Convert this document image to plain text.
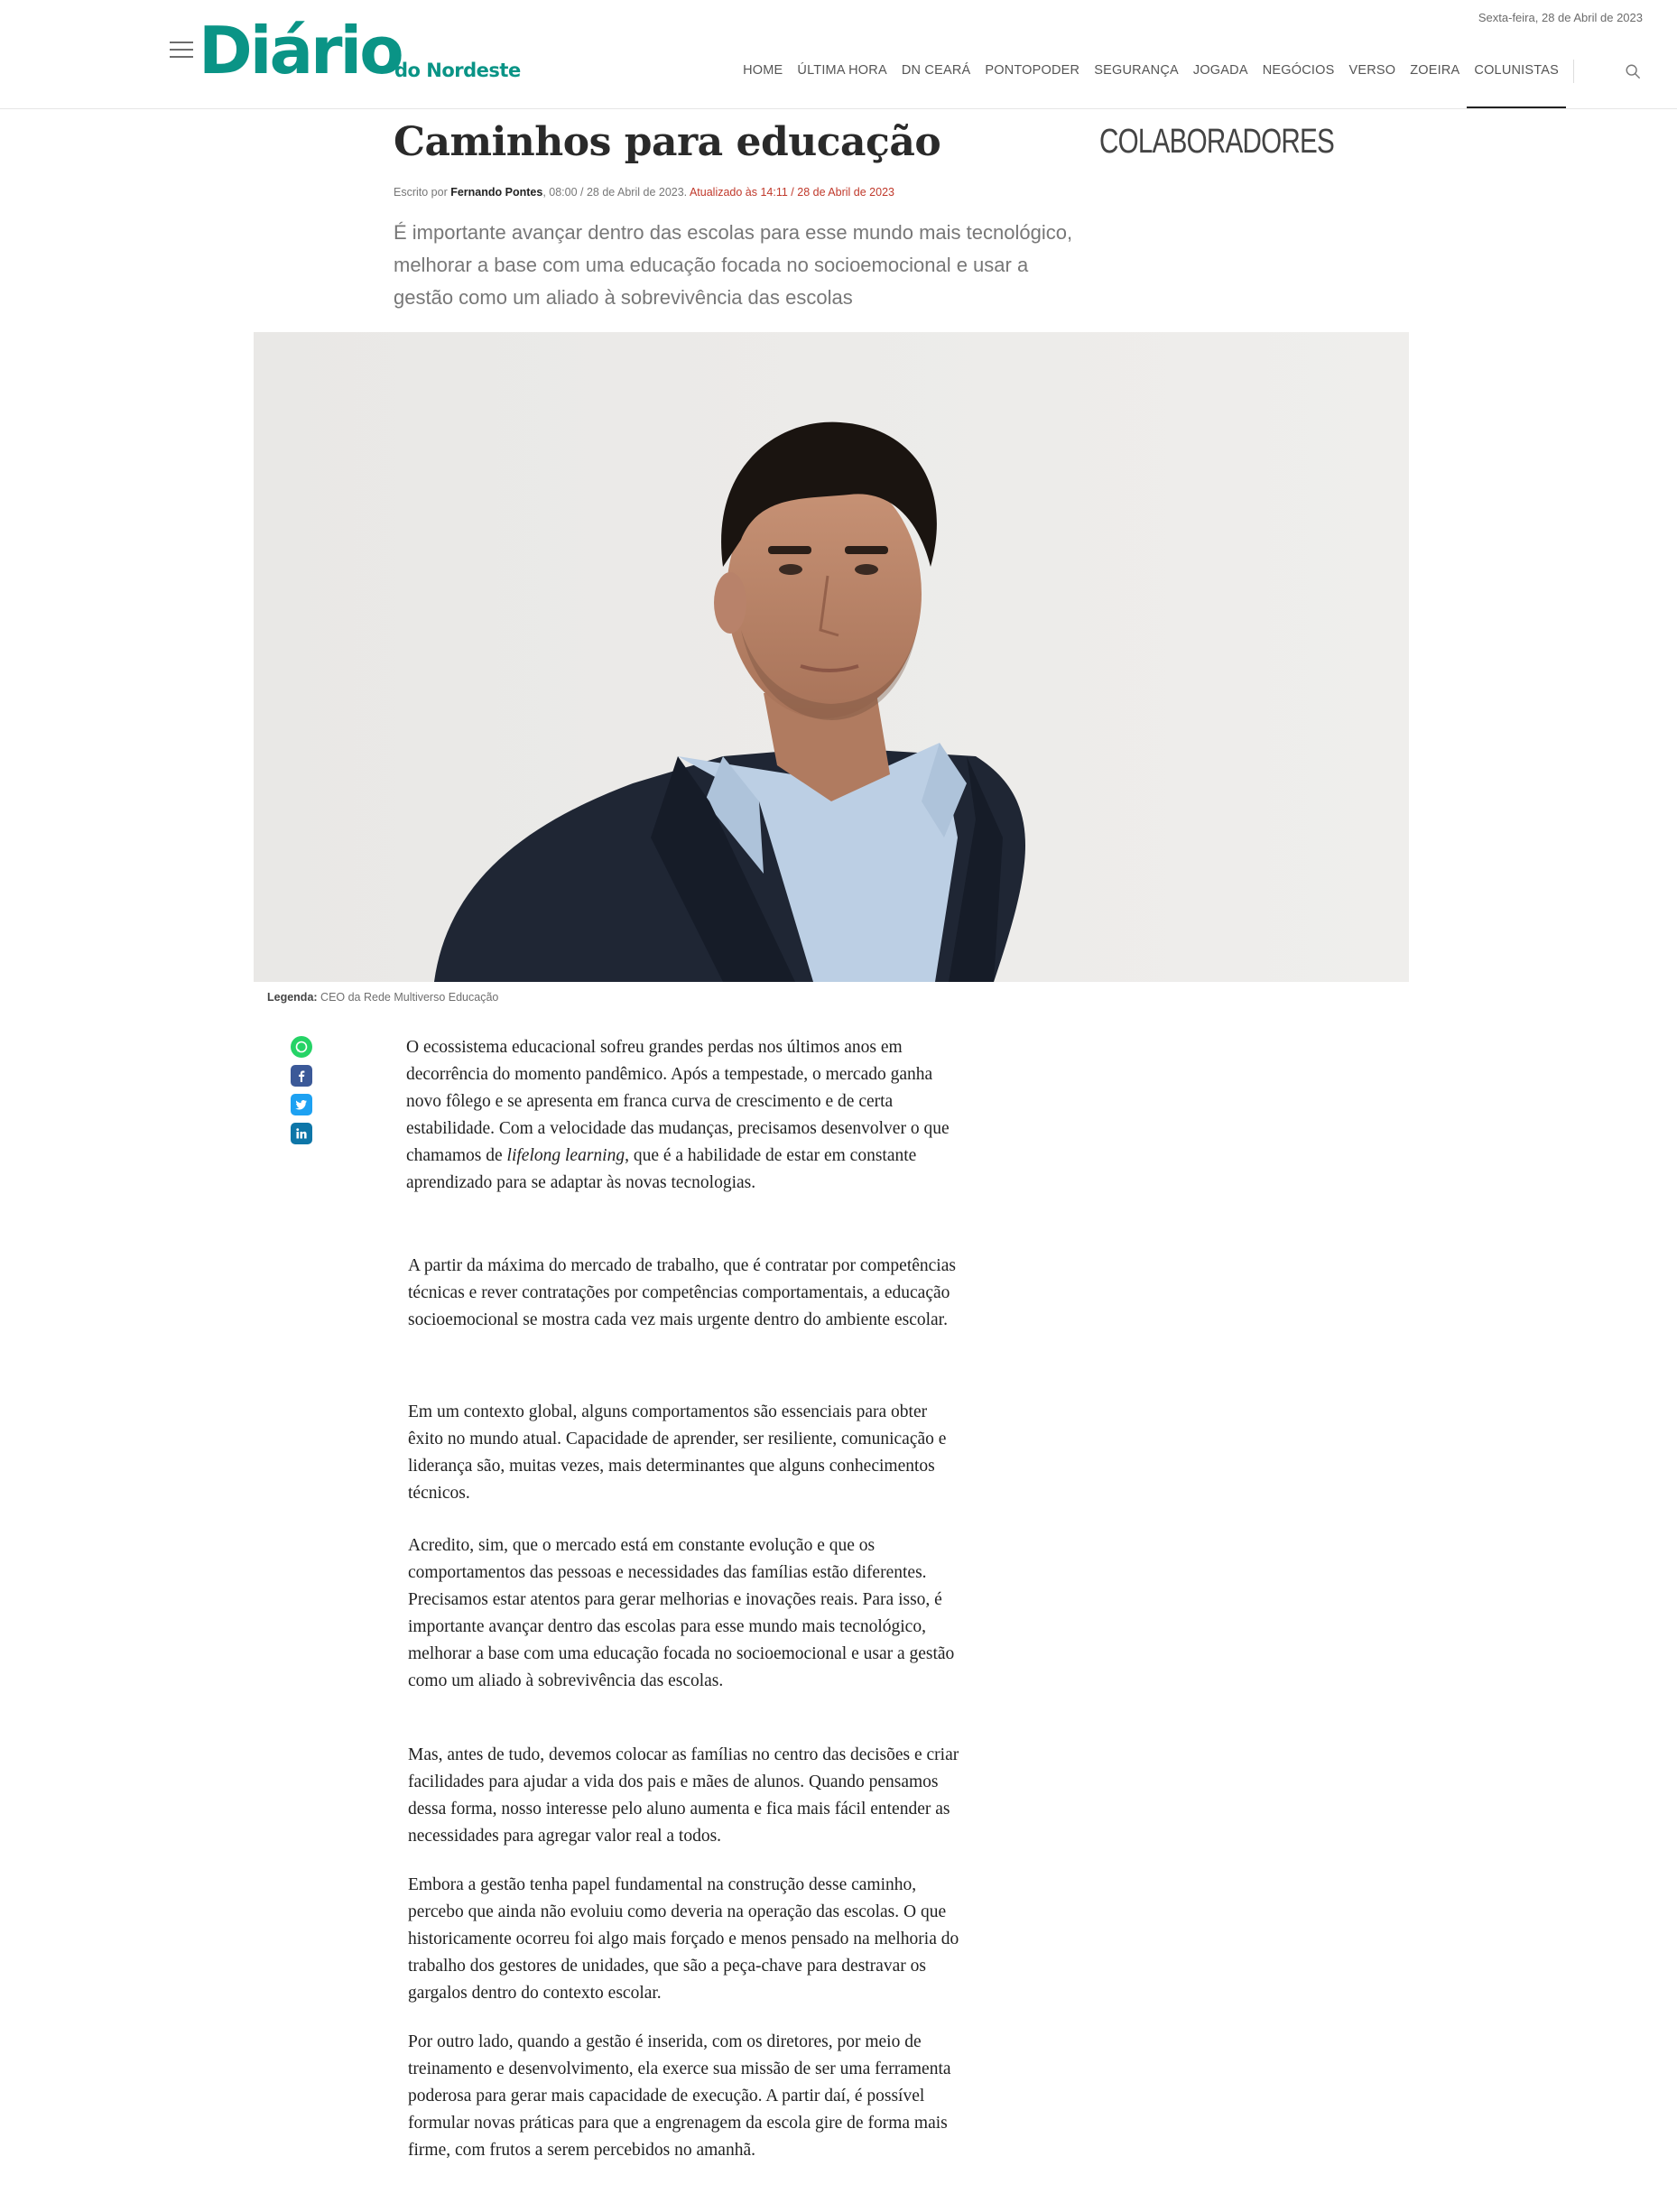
Sexta-feira, 28 de Abril de 2023
Diário
do Nordeste	HOME	ÚLTIMA HORA	DN CEARÁ	PONTOPODER	SEGURANÇA	JOGADA	NEGÓCIOS	VERSO	ZOEIRA	COLUNISTAS
Caminhos para educação	COLABORADORES
Escrito por Fernando Pontes, 08:00 / 28 de Abril de 2023. Atualizado às 14:11 / 28 de Abril de 2023
É importante avançar dentro das escolas para esse mundo mais tecnológico, melhorar a base com uma educação focada no socioemocional e usar a gestão como um aliado à sobrevivência das escolas
Legenda: CEO da Rede Multiverso Educação

O ecossistema educacional sofreu grandes perdas nos últimos anos em decorrência do momento pandêmico. Após a tempestade, o mercado ganha novo fôlego e se apresenta em franca curva de crescimento e de certa estabilidade. Com a velocidade das mudanças, precisamos desenvolver o que chamamos de lifelong learning, que é a habilidade de estar em constante aprendizado para se adaptar às novas tecnologias.

A partir da máxima do mercado de trabalho, que é contratar por competências técnicas e rever contratações por competências comportamentais, a educação socioemocional se mostra cada vez mais urgente dentro do ambiente escolar.

Em um contexto global, alguns comportamentos são essenciais para obter êxito no mundo atual. Capacidade de aprender, ser resiliente, comunicação e liderança são, muitas vezes, mais determinantes que alguns conhecimentos técnicos.

Acredito, sim, que o mercado está em constante evolução e que os comportamentos das pessoas e necessidades das famílias estão diferentes. Precisamos estar atentos para gerar melhorias e inovações reais. Para isso, é importante avançar dentro das escolas para esse mundo mais tecnológico, melhorar a base com uma educação focada no socioemocional e usar a gestão como um aliado à sobrevivência das escolas.

Mas, antes de tudo, devemos colocar as famílias no centro das decisões e criar facilidades para ajudar a vida dos pais e mães de alunos. Quando pensamos dessa forma, nosso interesse pelo aluno aumenta e fica mais fácil entender as necessidades para agregar valor real a todos.

Embora a gestão tenha papel fundamental na construção desse caminho, percebo que ainda não evoluiu como deveria na operação das escolas. O que historicamente ocorreu foi algo mais forçado e menos pensado na melhoria do trabalho dos gestores de unidades, que são a peça-chave para destravar os gargalos dentro do contexto escolar.

Por outro lado, quando a gestão é inserida, com os diretores, por meio de treinamento e desenvolvimento, ela exerce sua missão de ser uma ferramenta poderosa para gerar mais capacidade de execução. A partir daí, é possível formular novas práticas para que a engrenagem da escola gire de forma mais firme, com frutos a serem percebidos no amanhã.
